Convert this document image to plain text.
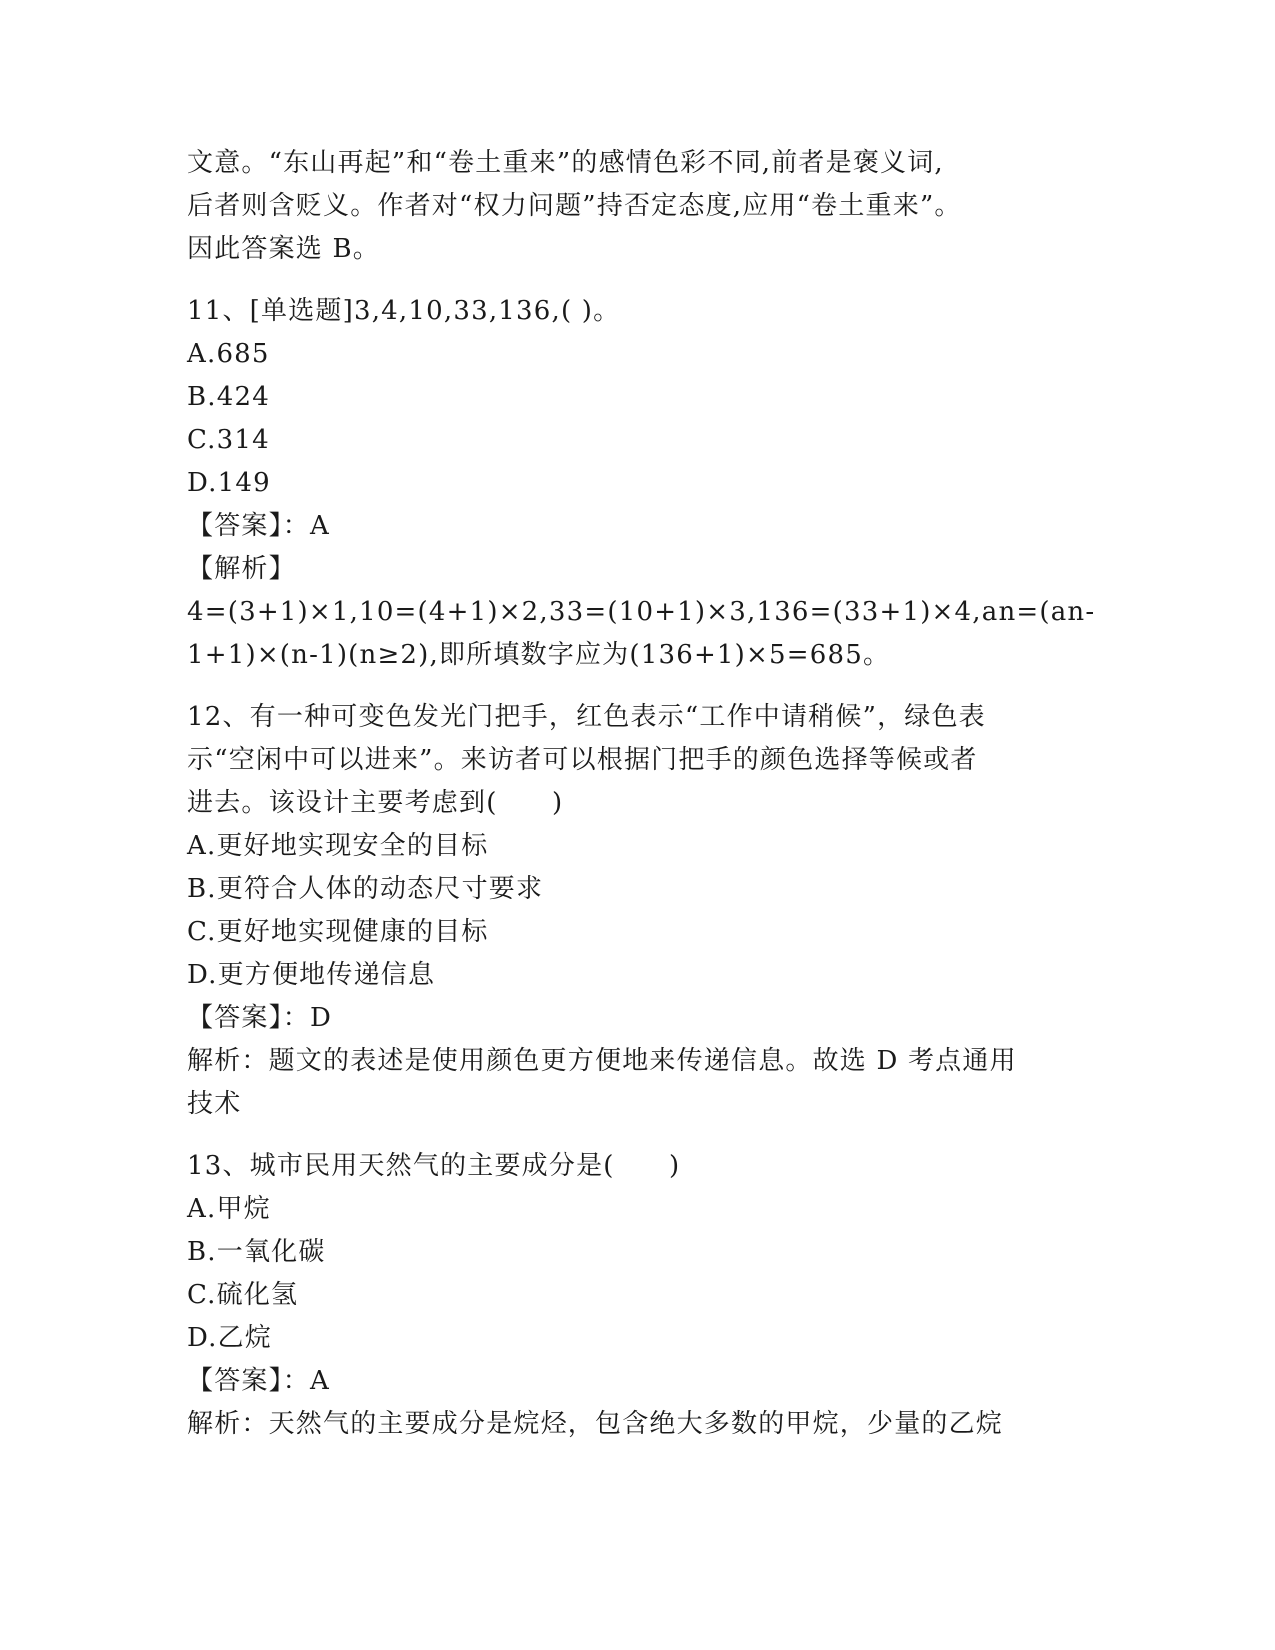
文意。“东山再起”和“卷土重来”的感情色彩不同,前者是褒义词,
后者则含贬义。作者对“权力问题”持否定态度,应用“卷土重来”。
因此答案选 B。
11、[单选题]3,4,10,33,136,( )。
A.685
B.424
C.314
D.149
【答案】：A
【解析】
4=(3+1)×1,10=(4+1)×2,33=(10+1)×3,136=(33+1)×4,an=(an-
1+1)×(n-1)(n≥2),即所填数字应为(136+1)×5=685。
12、有一种可变色发光门把手，红色表示“工作中请稍候”，绿色表
示“空闲中可以进来”。来访者可以根据门把手的颜色选择等候或者
进去。该设计主要考虑到(　　)
A.更好地实现安全的目标
B.更符合人体的动态尺寸要求
C.更好地实现健康的目标
D.更方便地传递信息
【答案】：D
解析：题文的表述是使用颜色更方便地来传递信息。故选 D 考点通用
技术
13、城市民用天然气的主要成分是(　　)
A.甲烷
B.一氧化碳
C.硫化氢
D.乙烷
【答案】：A
解析：天然气的主要成分是烷烃，包含绝大多数的甲烷，少量的乙烷
